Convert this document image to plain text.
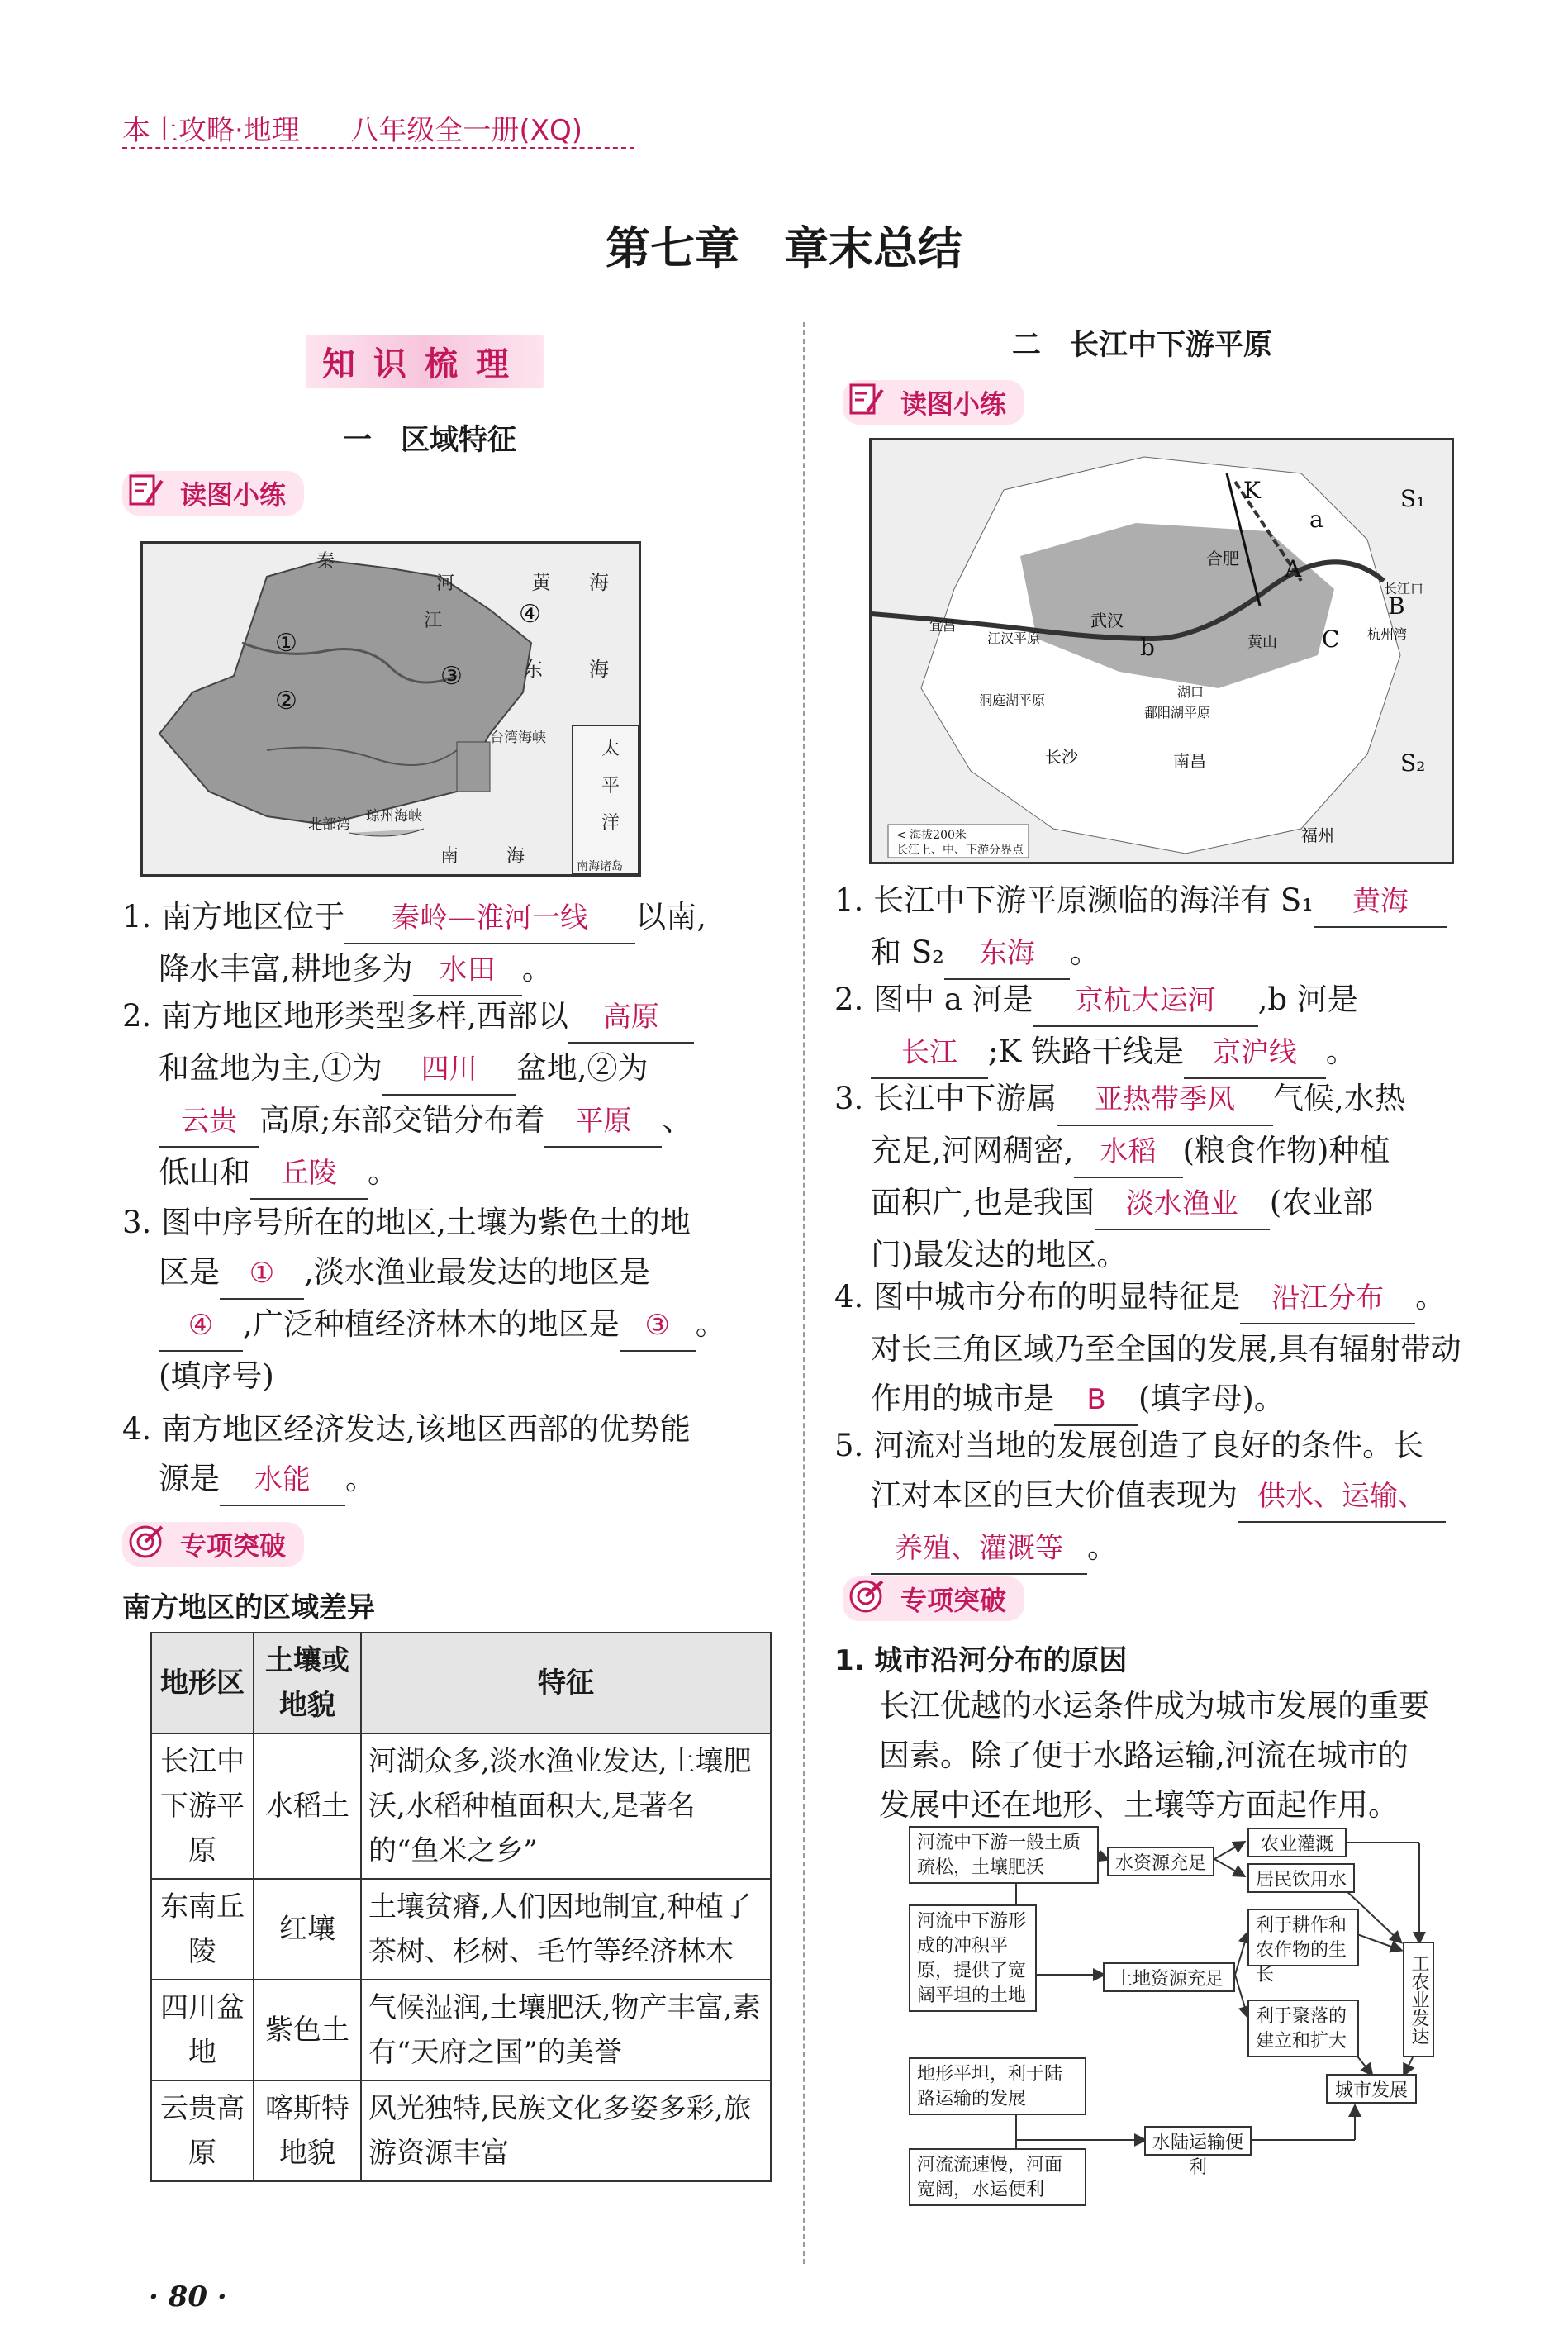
本土攻略·地理 八年级全一册(XQ)
第七章　章末总结
知识梳理
一　区域特征
读图小练
秦
河	黄 海
东 海
①
②
③
④
江
太
平
洋
南	海
北部湾 琼州海峡
台湾海峡
南海诸岛
1. 南方地区位于 秦岭—淮河一线 以南,
降水丰富,耕地多为 水田 。
2. 南方地区地形类型多样,西部以 高原
和盆地为主,①为 四川 盆地,②为
云贵 高原;东部交错分布着 平原 、
低山和 丘陵 。
3. 图中序号所在的地区,土壤为紫色土的地
区是 ① ,淡水渔业最发达的地区是
④ ,广泛种植经济林木的地区是 ③ 。
(填序号)
4. 南方地区经济发达,该地区西部的优势能
源是 水能 。
专项突破
南方地区的区域差异
地形区	土壤或地貌	特征
长江中下游平原	水稻土	河湖众多,淡水渔业发达,土壤肥沃,水稻种植面积大,是著名的“鱼米之乡”
东南丘陵	红壤	土壤贫瘠,人们因地制宜,种植了茶树、杉树、毛竹等经济林木
四川盆地	紫色土	气候湿润,土壤肥沃,物产丰富,素有“天府之国”的美誉
云贵高原	喀斯特地貌	风光独特,民族文化多姿多彩,旅游资源丰富
二　长江中下游平原
读图小练
K
a
A
B
C
b
S₁
S₂
合肥
武汉
南昌
长沙
福州
宜昌
黄山
湖口
长江口
杭州湾
洞庭湖平原
鄱阳湖平原
江汉平原
< 海拔200米
长江上、中、下游分界点
1. 长江中下游平原濒临的海洋有 S₁ 黄海
和 S₂ 东海 。
2. 图中 a 河是 京杭大运河 ,b 河是
长江 ;K 铁路干线是 京沪线 。
3. 长江中下游属 亚热带季风 气候,水热
充足,河网稠密, 水稻 (粮食作物)种植
面积广,也是我国 淡水渔业 (农业部
门)最发达的地区。
4. 图中城市分布的明显特征是 沿江分布 。
对长三角区域乃至全国的发展,具有辐射带动
作用的城市是 B (填字母)。
5. 河流对当地的发展创造了良好的条件。长
江对本区的巨大价值表现为 供水、运输、
养殖、灌溉等 。
专项突破
1. 城市沿河分布的原因
长江优越的水运条件成为城市发展的重要
因素。除了便于水路运输,河流在城市的
发展中还在地形、土壤等方面起作用。
河流中下游一般土质疏松，土壤肥沃
河流中下游形成的冲积平原，提供了宽阔平坦的土地
地形平坦，利于陆路运输的发展
河流流速慢，河面宽阔，水运便利
水资源充足
土地资源充足
水陆运输便利
农业灌溉
居民饮用水
利于耕作和农作物的生长
利于聚落的建立和扩大
城市发展
工农业发达
· 80 ·
